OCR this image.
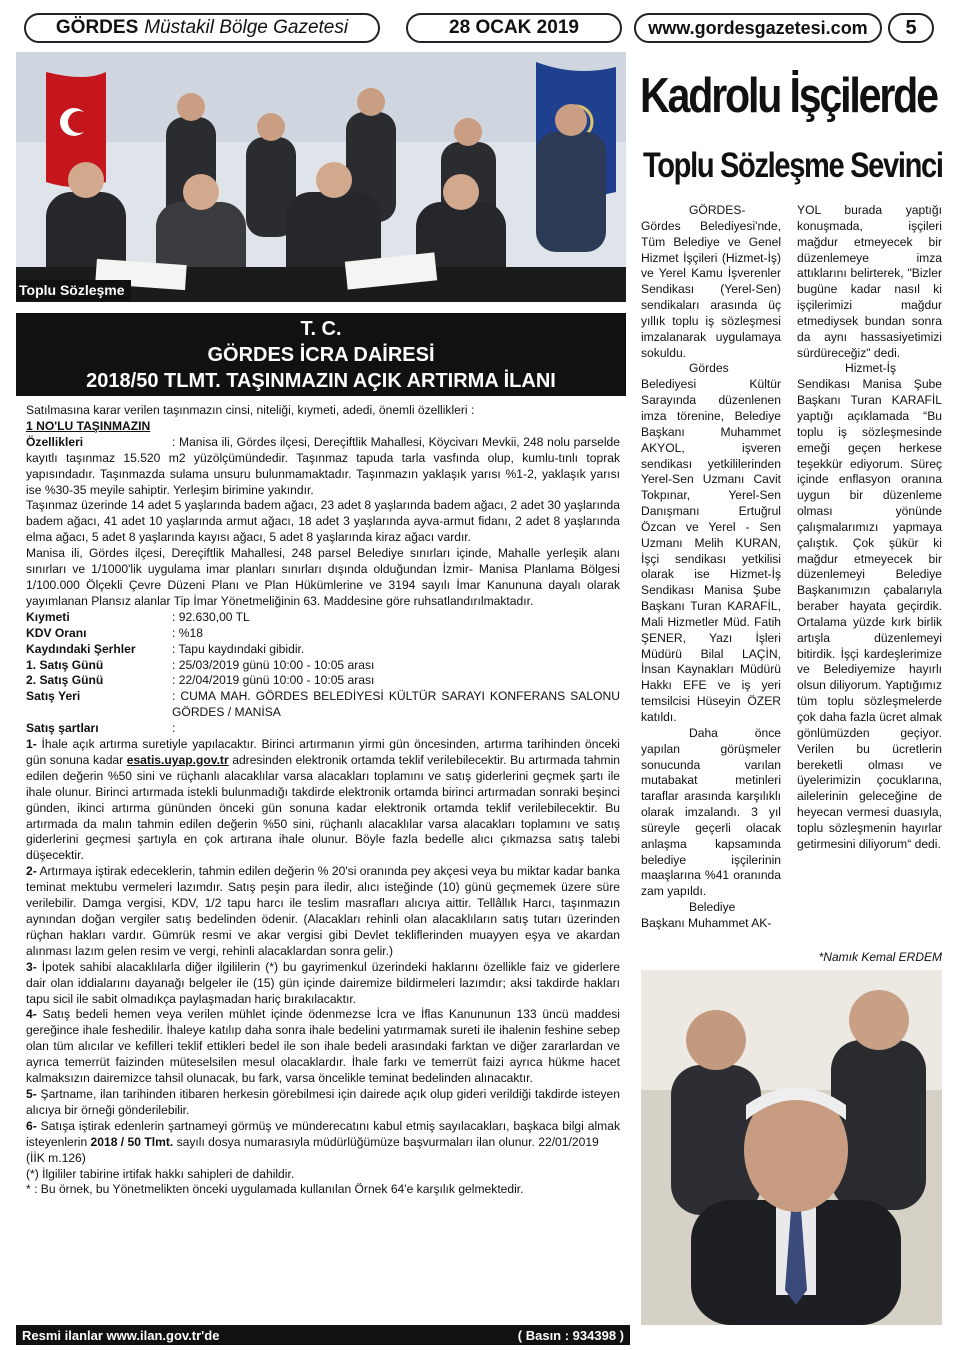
GÖRDES Müstakil Bölge Gazetesi	28 OCAK 2019	www.gordesgazetesi.com	5
Toplu Sözleşme
T. C.
GÖRDES İCRA DAİRESİ
2018/50 TLMT. TAŞINMAZIN AÇIK ARTIRMA İLANI

Satılmasına karar verilen taşınmazın cinsi, niteliği, kıymeti, adedi, önemli özellikleri :

1 NO'LU TAŞINMAZIN

Özellikleri	: Manisa ili, Gördes ilçesi, Dereçiftlik Mahallesi, Köycivarı Mevkii, 248 nolu parselde kayıtlı taşınmaz 15.520 m2 yüzölçümündedir. Taşınmaz tapuda tarla vasfında olup, kumlu-tınlı toprak yapısındadır. Taşınmazda sulama unsuru bulunmamaktadır. Taşınmazın yaklaşık yarısı %1-2, yaklaşık yarısı ise %30-35 meyile sahiptir. Yerleşim birimine yakındır.

Taşınmaz üzerinde 14 adet 5 yaşlarında badem ağacı, 23 adet 8 yaşlarında badem ağacı, 2 adet 30 yaşlarında badem ağacı, 41 adet 10 yaşlarında armut ağacı, 18 adet 3 yaşlarında ayva-armut fidanı, 2 adet 8 yaşlarında elma ağacı, 5 adet 8 yaşlarında kayısı ağacı, 5 adet 8 yaşlarında kiraz ağacı vardır.

Manisa ili, Gördes ilçesi, Dereçiftlik Mahallesi, 248 parsel Belediye sınırları içinde, Mahalle yerleşik alanı sınırları ve 1/1000'lik uygulama imar planları sınırları dışında olduğundan İzmir- Manisa Planlama Bölgesi 1/100.000 Ölçekli Çevre Düzeni Planı ve Plan Hükümlerine ve 3194 sayılı İmar Kanununa dayalı olarak yayımlanan Plansız alanlar Tip İmar Yönetmeliğinin 63. Maddesine göre ruhsatlandırılmaktadır.

Kıymeti	: 92.630,00 TL
KDV Oranı	: %18
Kaydındaki Şerhler	: Tapu kaydındaki gibidir.
1. Satış Günü	: 25/03/2019 günü 10:00 - 10:05 arası
2. Satış Günü	: 22/04/2019 günü 10:00 - 10:05 arası
Satış Yeri	: CUMA MAH. GÖRDES BELEDİYESİ KÜLTÜR SARAYI KONFERANS SALONU GÖRDES / MANİSA
Satış şartları	:

1- İhale açık artırma suretiyle yapılacaktır. Birinci artırmanın yirmi gün öncesinden, artırma tarihinden önceki gün sonuna kadar esatis.uyap.gov.tr adresinden elektronik ortamda teklif verilebilecektir. Bu artırmada tahmin edilen değerin %50 sini ve rüçhanlı alacaklılar varsa alacakları toplamını ve satış giderlerini geçmek şartı ile ihale olunur. Birinci artırmada istekli bulunmadığı takdirde elektronik ortamda birinci artırmadan sonraki beşinci günden, ikinci artırma gününden önceki gün sonuna kadar elektronik ortamda teklif verilebilecektir. Bu artırmada da malın tahmin edilen değerin %50 sini, rüçhanlı alacaklılar varsa alacakları toplamını ve satış giderlerini geçmesi şartıyla en çok artırana ihale olunur. Böyle fazla bedelle alıcı çıkmazsa satış talebi düşecektir.

2- Artırmaya iştirak edeceklerin, tahmin edilen değerin % 20'si oranında pey akçesi veya bu miktar kadar banka teminat mektubu vermeleri lazımdır. Satış peşin para iledir, alıcı isteğinde (10) günü geçmemek üzere süre verilebilir. Damga vergisi, KDV, 1/2 tapu harcı ile teslim masrafları alıcıya aittir. Tellâllık Harcı, taşınmazın aynından doğan vergiler satış bedelinden ödenir. (Alacakları rehinli olan alacaklıların satış tutarı üzerinden rüçhan hakları vardır. Gümrük resmi ve akar vergisi gibi Devlet tekliflerinden muayyen eşya ve akardan alınması lazım gelen resim ve vergi, rehinli alacaklardan sonra gelir.)

3- İpotek sahibi alacaklılarla diğer ilgililerin (*) bu gayrimenkul üzerindeki haklarını özellikle faiz ve giderlere dair olan iddialarını dayanağı belgeler ile (15) gün içinde dairemize bildirmeleri lazımdır; aksi takdirde hakları tapu sicil ile sabit olmadıkça paylaşmadan hariç bırakılacaktır.

4- Satış bedeli hemen veya verilen mühlet içinde ödenmezse İcra ve İflas Kanununun 133 üncü maddesi gereğince ihale feshedilir. İhaleye katılıp daha sonra ihale bedelini yatırmamak sureti ile ihalenin feshine sebep olan tüm alıcılar ve kefilleri teklif ettikleri bedel ile son ihale bedeli arasındaki farktan ve diğer zararlardan ve ayrıca temerrüt faizinden müteselsilen mesul olacaklardır. İhale farkı ve temerrüt faizi ayrıca hükme hacet kalmaksızın dairemizce tahsil olunacak, bu fark, varsa öncelikle teminat bedelinden alınacaktır.

5- Şartname, ilan tarihinden itibaren herkesin görebilmesi için dairede açık olup gideri verildiği takdirde isteyen alıcıya bir örneği gönderilebilir.

6- Satışa iştirak edenlerin şartnameyi görmüş ve münderecatını kabul etmiş sayılacakları, başkaca bilgi almak isteyenlerin 2018 / 50 Tlmt. sayılı dosya numarasıyla müdürlüğümüze başvurmaları ilan olunur. 22/01/2019

(İİK m.126)

(*) İlgililer tabirine irtifak hakkı sahipleri de dahildir.

* : Bu örnek, bu Yönetmelikten önceki uygulamada kullanılan Örnek 64'e karşılık gelmektedir.

Resmi ilanlar www.ilan.gov.tr'de	( Basın : 934398 )
Kadrolu İşçilerde
Toplu Sözleşme Sevinci

GÖRDES- Gördes Belediyesi'nde, Tüm Belediye ve Genel Hizmet İşçileri (Hizmet-İş) ve Yerel Kamu İşverenler Sendikası (Yerel-Sen) sendikaları arasında üç yıllık toplu iş sözleşmesi imzalanarak uygulamaya sokuldu.

Gördes Belediyesi Kültür Sarayında düzenlenen imza törenine, Belediye Başkanı Muhammet AKYOL, işveren sendikası yetkililerinden Yerel-Sen Uzmanı Cavit Tokpınar, Yerel-Sen Danışmanı Ertuğrul Özcan ve Yerel - Sen Uzmanı Melih KURAN, İşçi sendikası yetkilisi olarak ise Hizmet-İş Sendikası Manisa Şube Başkanı Turan KARAFİL, Mali Hizmetler Müd. Fatih ŞENER, Yazı İşleri Müdürü Bilal LAÇİN, İnsan Kaynakları Müdürü Hakkı EFE ve iş yeri temsilcisi Hüseyin ÖZER katıldı.

Daha önce yapılan görüşmeler sonucunda varılan mutabakat metinleri taraflar arasında karşılıklı olarak imzalandı. 3 yıl süreyle geçerli olacak anlaşma kapsamında belediye işçilerinin maaşlarına %41 oranında zam yapıldı.

Belediye Başkanı Muhammet AK-

YOL burada yaptığı konuşmada, işçileri mağdur etmeyecek bir düzenlemeye imza attıklarını belirterek, "Bizler bugüne kadar nasıl ki işçilerimizi mağdur etmediysek bundan sonra da aynı hassasiyetimizi sürdüreceğiz" dedi.

Hizmet-İş Sendikası Manisa Şube Başkanı Turan KARAFİL yaptığı açıklamada “Bu toplu iş sözleşmesinde emeği geçen herkese teşekkür ediyorum. Süreç içinde enflasyon oranına uygun bir düzenleme olması yönünde çalışmalarımızı yapmaya çalıştık. Çok şükür ki mağdur etmeyecek bir düzenlemeyi Belediye Başkanımızın çabalarıyla beraber hayata geçirdik. Ortalama yüzde kırk birlik artışla düzenlemeyi bitirdik. İşçi kardeşlerimize ve Belediyemize hayırlı olsun diliyorum. Yaptığımız tüm toplu sözleşmelerde çok daha fazla ücret almak gönlümüzden geçiyor. Verilen bu ücretlerin bereketli olması ve üyelerimizin çocuklarına, ailelerinin geleceğine de heyecan vermesi duasıyla, toplu sözleşmenin hayırlar getirmesini diliyorum“ dedi.

*Namık Kemal ERDEM
